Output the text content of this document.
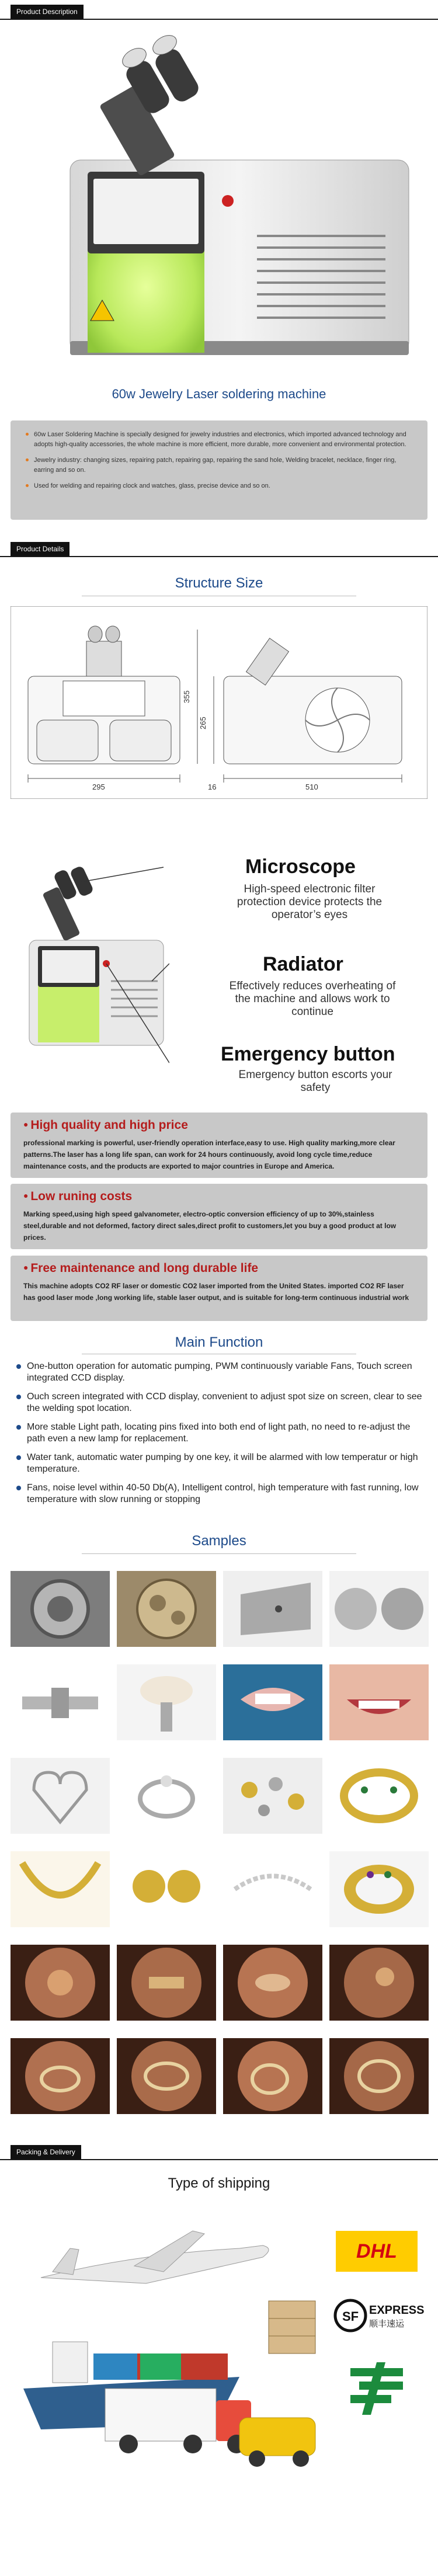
Product Description
60w Jewelry Laser soldering machine
60w Laser Soldering Machine is specially designed for jewelry industries and electronics, which imported advanced technology and adopts high-quality accessories, the whole machine is more efficient, more durable, more convenient and environmental protection.
Jewelry industry: changing sizes, repairing patch, repairing gap, repairing the sand hole, Welding bracelet, necklace, finger ring, earring and so on.
Used for welding and repairing clock and watches, glass, precise device and so on.
Product Details
Structure Size
295	510
16
355
265
Microscope
High-speed electronic filter
protection device protects the
operator’s eyes
Radiator
Effectively reduces overheating of
the machine and allows work to
continue
Emergency button
Emergency button escorts your
safety
● High quality and high price
professional marking is powerful, user-friendly operation interface,easy to use. High quality marking,more clear patterns.The laser has a long life span, can work for 24 hours continuously, avoid long cycle time,reduce maintenance costs, and the products are exported to major countries in Europe and America.
● Low runing costs
Marking speed,using high speed galvanometer, electro-optic conversion efficiency of up to 30%,stainless steel,durable and not deformed, factory direct sales,direct profit to customers,let you buy a good product at low prices.
● Free maintenance and long durable life
This machine adopts CO2 RF laser or domestic CO2 laser imported from the United States. imported CO2 RF laser has good laser mode ,long working life, stable laser output, and is suitable for long-term continuous industrial work
Main Function
One-button operation for automatic pumping, PWM continuously variable Fans, Touch screen integrated CCD display.
Ouch screen integrated with CCD display, convenient to adjust spot size on screen, clear to see the welding spot location.
More stable Light path, locating pins fixed into both end of light path, no need to re-adjust the path even a new lamp for replacement.
Water tank, automatic water pumping by one key, it will be alarmed with low temperatur or high temperature.
Fans, noise level within 40-50 Db(A), Intelligent control, high temperature with fast running, low temperature with slow running or stopping
Samples
Packing & Delivery
Type of shipping
DHL
SF EXPRESS
顺丰速运
